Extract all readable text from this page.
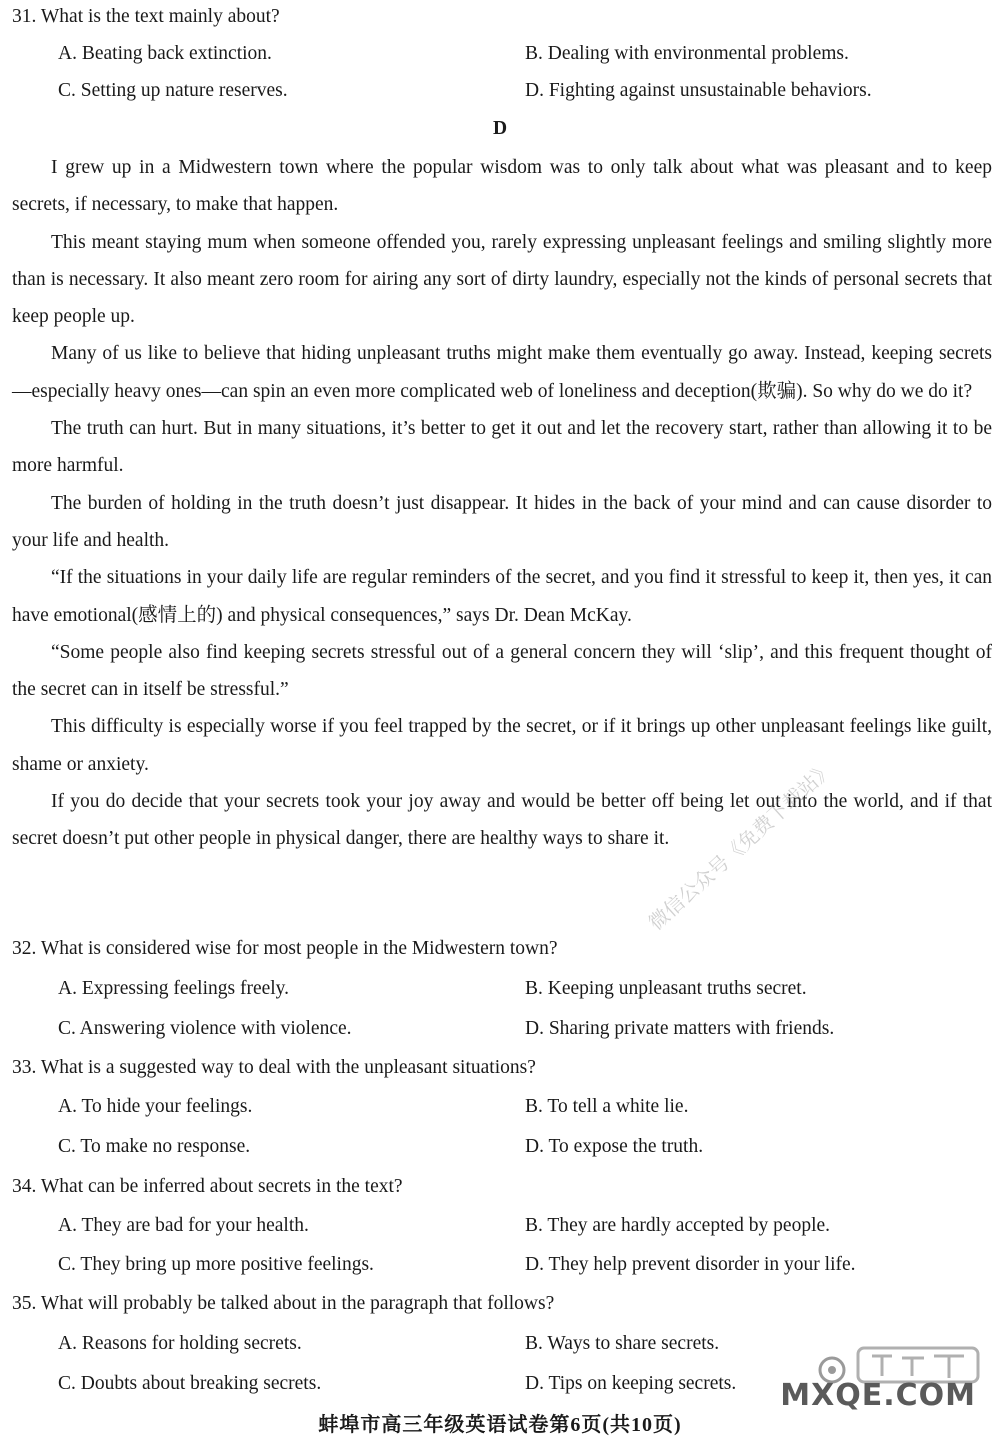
31. What is the text mainly about?
A. Beating back extinction.	B. Dealing with environmental problems.
C. Setting up nature reserves.	D. Fighting against unsustainable behaviors.
D

I grew up in a Midwestern town where the popular wisdom was to only talk about what was pleasant and to keep secrets, if necessary, to make that happen.

This meant staying mum when someone offended you, rarely expressing unpleasant feelings and smiling slightly more than is necessary. It also meant zero room for airing any sort of dirty laundry, especially not the kinds of personal secrets that keep people up.

Many of us like to believe that hiding unpleasant truths might make them eventually go away. Instead, keeping secrets—especially heavy ones—can spin an even more complicated web of loneliness and deception(欺骗). So why do we do it?

The truth can hurt. But in many situations, it’s better to get it out and let the recovery start, rather than allowing it to be more harmful.

The burden of holding in the truth doesn’t just disappear. It hides in the back of your mind and can cause disorder to your life and health.

“If the situations in your daily life are regular reminders of the secret, and you find it stressful to keep it, then yes, it can have emotional(感情上的) and physical consequences,” says Dr. Dean McKay.

“Some people also find keeping secrets stressful out of a general concern they will ‘slip’, and this frequent thought of the secret can in itself be stressful.”

This difficulty is especially worse if you feel trapped by the secret, or if it brings up other unpleasant feelings like guilt, shame or anxiety.

If you do decide that your secrets took your joy away and would be better off being let out into the world, and if that secret doesn’t put other people in physical danger, there are healthy ways to share it.

32. What is considered wise for most people in the Midwestern town?
A. Expressing feelings freely.	B. Keeping unpleasant truths secret.
C. Answering violence with violence.	D. Sharing private matters with friends.
33. What is a suggested way to deal with the unpleasant situations?
A. To hide your feelings.	B. To tell a white lie.
C. To make no response.	D. To expose the truth.
34. What can be inferred about secrets in the text?
A. They are bad for your health.	B. They are hardly accepted by people.
C. They bring up more positive feelings.	D. They help prevent disorder in your life.
35. What will probably be talked about in the paragraph that follows?
A. Reasons for holding secrets.	B. Ways to share secrets.
C. Doubts about breaking secrets.	D. Tips on keeping secrets.
微信公众号《免费下载站》
MXQE.COM
蚌埠市高三年级英语试卷第6页(共10页)
